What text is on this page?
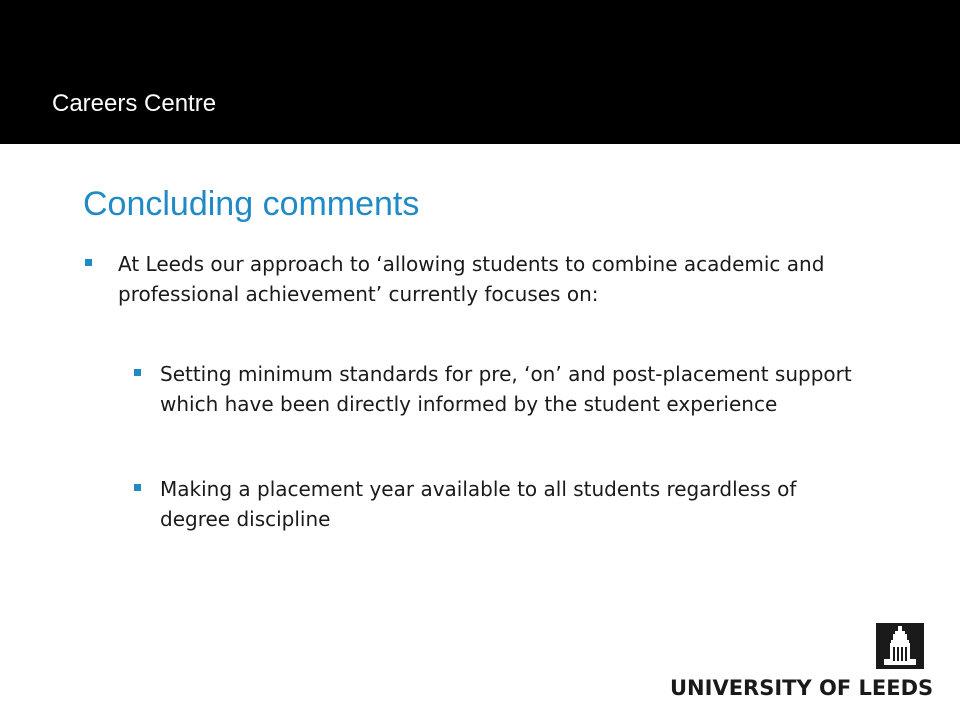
Careers Centre
Concluding comments
At Leeds our approach to ‘allowing students to combine academic and professional achievement’ currently focuses on:
Setting minimum standards for pre, ‘on’ and post-placement support which have been directly informed by the student experience
Making a placement year available to all students regardless of degree discipline
UNIVERSITY OF LEEDS
